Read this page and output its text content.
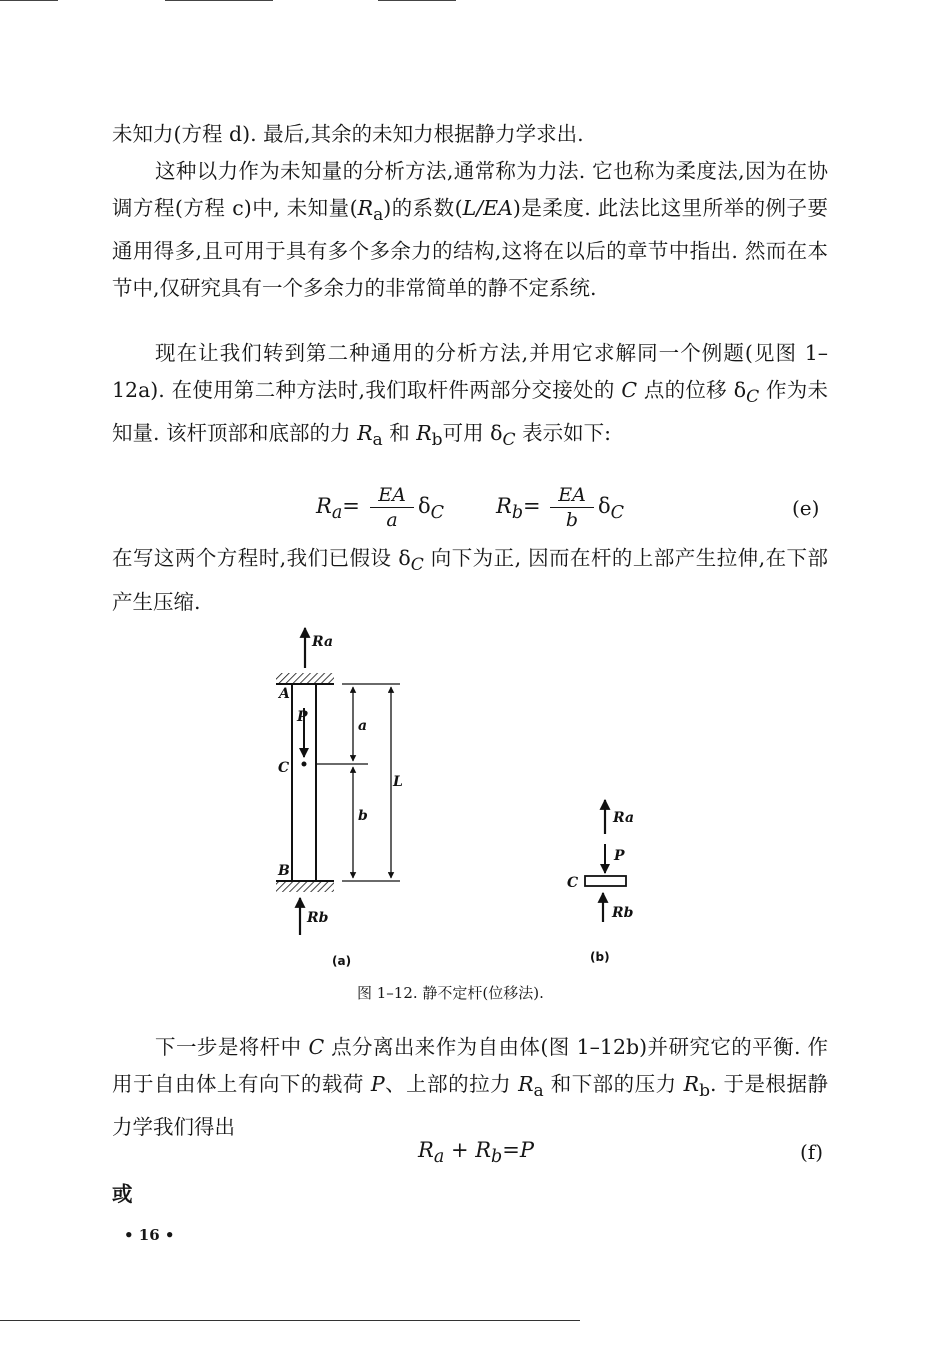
未知力(方程 d). 最后,其余的未知力根据静力学求出.

这种以力作为未知量的分析方法,通常称为力法. 它也称为柔度法,因为在协调方程(方程 c)中, 未知量$(R_a)$的系数(L/EA)是柔度. 此法比这里所举的例子要通用得多,且可用于具有多个多余力的结构,这将在以后的章节中指出. 然而在本节中,仅研究具有一个多余力的非常简单的静不定系统.

现在让我们转到第二种通用的分析方法,并用它求解同一个例题(见图 1–12a). 在使用第二种方法时,我们取杆件两部分交接处的 C 点的位移 $\delta_C$ 作为未知量. 该杆顶部和底部的力 $R_a$ 和 $R_b$可用 $\delta_C$ 表示如下:

$R_a=$ EA
a
$\delta_C$ $R_b=$ EA
b
$\delta_C$	(e)

在写这两个方程时,我们已假设 $\delta_C$ 向下为正, 因而在杆的上部产生拉伸,在下部产生压缩.

Ra
A
P
a
C
L
b
B
Rb
(a)
Ra
P
C
Rb
(b)
图 1–12. 静不定杆(位移法).

下一步是将杆中 C 点分离出来作为自由体(图 1–12b)并研究它的平衡. 作用于自由体上有向下的载荷 P、上部的拉力 $R_a$ 和下部的压力 $R_b$. 于是根据静力学我们得出

$R_a + R_b=P$	(f)
或
• 16 •
